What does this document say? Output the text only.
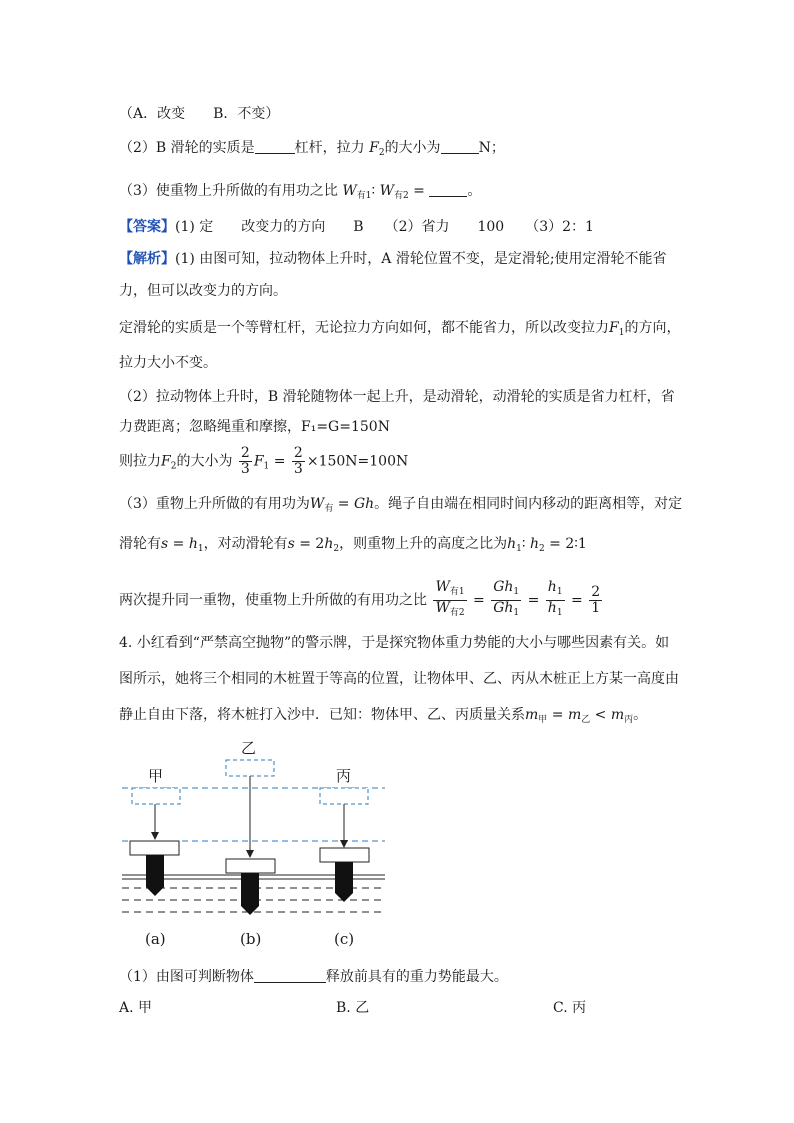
（A．改变　　B．不变）
（2）B 滑轮的实质是	杠杆，拉力 $F_2$的大小为	N；
（3）使重物上升所做的有用功之比 $W_{有1}∶$ $W_{有2}$ =	。
【答案】(1) 定　　改变力的方向　　B　　（2）省力　　100　　（3）2：1
【解析】(1) 由图可知，拉动物体上升时，A 滑轮位置不变，是定滑轮;使用定滑轮不能省
力，但可以改变力的方向。
定滑轮的实质是一个等臂杠杆，无论拉力方向如何，都不能省力，所以改变拉力$F_1$的方向，
拉力大小不变。
（2）拉动物体上升时，B 滑轮随物体一起上升，是动滑轮，动滑轮的实质是省力杠杆，省
力费距离；忽略绳重和摩擦，F₁=G=150N
则拉力$F_2$的大小为 $\frac{2}{3} F_1 = \frac{2}{3} \times 150N=100N$
（3）重物上升所做的有用功为$W_有 = Gh$。绳子自由端在相同时间内移动的距离相等，对定
滑轮有$s = h_1$，对动滑轮有$s = 2h_2$，则重物上升的高度之比为$h_1∶$ $h_2$ = 2∶1
两次提升同一重物，使重物上升所做的有用功之比 $\frac{W_{有1}}{W_{有2}} = \frac{Gh_1}{Gh_1} = \frac{h_1}{h_1} = \frac{2}{1}$
4. 小红看到“严禁高空抛物”的警示牌，于是探究物体重力势能的大小与哪些因素有关。如
图所示，她将三个相同的木桩置于等高的位置，让物体甲、乙、丙从木桩正上方某一高度由
静止自由下落，将木桩打入沙中．已知：物体甲、乙、丙质量关系$m_甲 = m_乙 < m_丙$。
甲
乙
丙
(a)	(b)	(c)
（1）由图可判断物体	释放前具有的重力势能最大。
A. 甲	B. 乙	C. 丙
